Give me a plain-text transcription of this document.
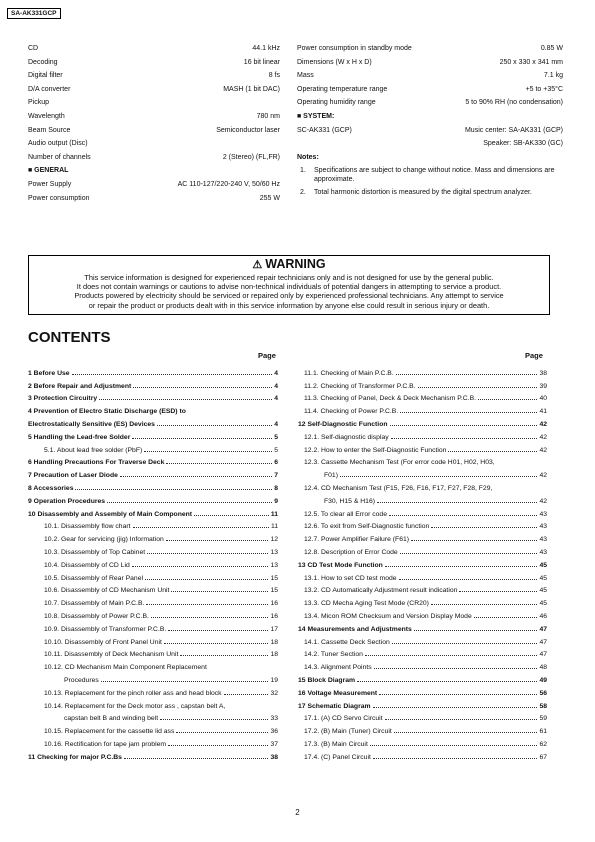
SA-AK331GCP
CD	44.1 kHz
Decoding	16 bit linear
Digital filter	8 fs
D/A converter	MASH (1 bit DAC)
Pickup
Wavelength	780 nm
Beam Source	Semiconductor laser
Audio output (Disc)
Number of channels	2 (Stereo) (FL,FR)
■ GENERAL
Power Supply	AC 110-127/220-240 V, 50/60 Hz
Power consumption	255 W
Power consumption in standby mode	0.85 W
Dimensions (W x H x D)	250 x 330 x 341 mm
Mass	7.1 kg
Operating temperature range	+5 to +35°C
Operating humidity range	5 to 90% RH (no condensation)
■ SYSTEM:
SC-AK331 (GCP)	Music center: SA-AK331 (GCP)
Speaker: SB-AK330 (GC)
Notes:
1.	Specifications are subject to change without notice. Mass and dimensions are approximate.
2.	Total harmonic distortion is measured by the digital spectrum analyzer.
⚠ WARNING
This service information is designed for experienced repair technicians only and is not designed for use by the general public.
It does not contain warnings or cautions to advise non-technical individuals of potential dangers in attempting to service a product.
Products powered by electricity should be serviced or repaired only by experienced professional technicians. Any attempt to service
or repair the product or products dealt with in this service information by anyone else could result in serious injury or death.
CONTENTS
Page	Page
1 Before Use	4
2 Before Repair and Adjustment	4
3 Protection Circuitry	4
4 Prevention of Electro Static Discharge (ESD) to
Electrostatically Sensitive (ES) Devices	4
5 Handling the Lead-free Solder	5
5.1. About lead free solder (PbF)	5
6 Handling Precautions For Traverse Deck	6
7 Precaution of Laser Diode	7
8 Accessories	8
9 Operation Procedures	9
10 Disassembly and Assembly of Main Component	11
10.1. Disassembly flow chart	11
10.2. Gear for servicing (jig) Information	12
10.3. Disassembly of Top Cabinet	13
10.4. Disassembly of CD Lid	13
10.5. Disassembly of Rear Panel	15
10.6. Disassembly of CD Mechanism Unit	15
10.7. Disassembly of Main P.C.B.	16
10.8. Disassembly of Power P.C.B.	16
10.9. Disassembly of Transformer P.C.B.	17
10.10. Disassembly of Front Panel Unit	18
10.11. Disassembly of Deck Mechanism Unit	18
10.12. CD Mechanism Main Component Replacement
Procedures	19
10.13. Replacement for the pinch roller ass and head block	32
10.14. Replacement for the Deck motor ass , capstan belt A,
capstan belt B and winding belt	33
10.15. Replacement for the cassette lid ass	36
10.16. Rectification for tape jam problem	37
11 Checking for major P.C.Bs	38
11.1. Checking of Main P.C.B.	38
11.2. Checking of Transformer P.C.B.	39
11.3. Checking of Panel, Deck & Deck Mechanism P.C.B.	40
11.4. Checking of Power P.C.B.	41
12 Self-Diagnostic Function	42
12.1. Self-diagnostic display	42
12.2. How to enter the Self-Diagnostic Function	42
12.3. Cassette Mechanism Test (For error code H01, H02, H03,
F01)	42
12.4. CD Mechanism Test (F15, F26, F16, F17, F27, F28, F29,
F30, H15 & H16)	42
12.5. To clear all Error code	43
12.6. To exit from Self-Diagnostic function	43
12.7. Power Amplifier Failure (F61)	43
12.8. Description of Error Code	43
13 CD Test Mode Function	45
13.1. How to set CD test mode	45
13.2. CD Automatically Adjustment result indication	45
13.3. CD Mecha Aging Test Mode (CR20)	45
13.4. Micon ROM Checksum and Version Display Mode	46
14 Measurements and Adjustments	47
14.1. Cassette Deck Section	47
14.2. Tuner Section	47
14.3. Alignment Points	48
15 Block Diagram	49
16 Voltage Measurement	56
17 Schematic Diagram	58
17.1. (A) CD Servo Circuit	59
17.2. (B) Main (Tuner) Circuit	61
17.3. (B) Main Circuit	62
17.4. (C) Panel Circuit	67
2
